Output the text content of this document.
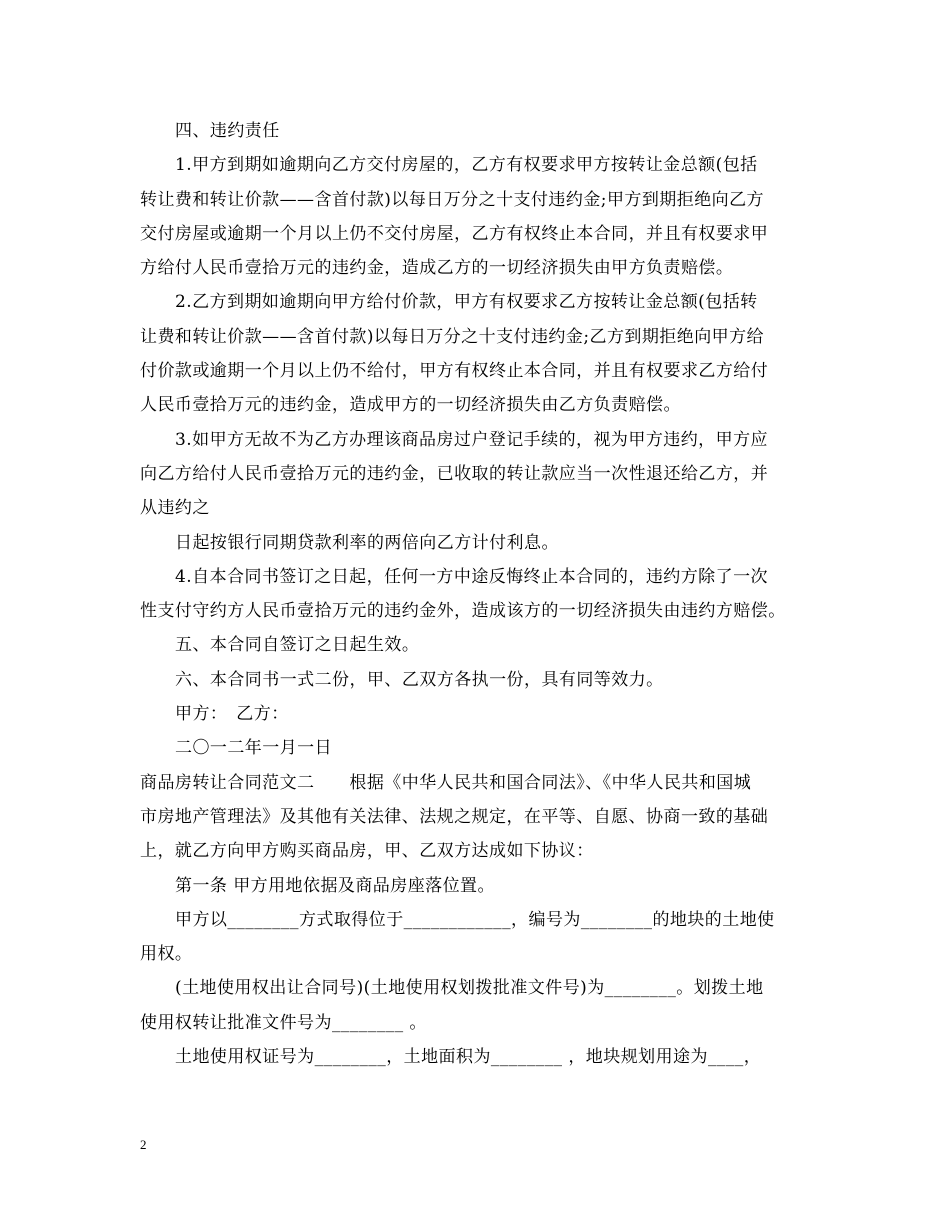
四、违约责任
1.甲方到期如逾期向乙方交付房屋的，乙方有权要求甲方按转让金总额(包括
转让费和转让价款——含首付款)以每日万分之十支付违约金;甲方到期拒绝向乙方
交付房屋或逾期一个月以上仍不交付房屋，乙方有权终止本合同，并且有权要求甲
方给付人民币壹拾万元的违约金，造成乙方的一切经济损失由甲方负责赔偿。
2.乙方到期如逾期向甲方给付价款，甲方有权要求乙方按转让金总额(包括转
让费和转让价款——含首付款)以每日万分之十支付违约金;乙方到期拒绝向甲方给
付价款或逾期一个月以上仍不给付，甲方有权终止本合同，并且有权要求乙方给付
人民币壹拾万元的违约金，造成甲方的一切经济损失由乙方负责赔偿。
3.如甲方无故不为乙方办理该商品房过户登记手续的，视为甲方违约，甲方应
向乙方给付人民币壹拾万元的违约金，已收取的转让款应当一次性退还给乙方，并
从违约之
日起按银行同期贷款利率的两倍向乙方计付利息。
4.自本合同书签订之日起，任何一方中途反悔终止本合同的，违约方除了一次
性支付守约方人民币壹拾万元的违约金外，造成该方的一切经济损失由违约方赔偿。
五、本合同自签订之日起生效。
六、本合同书一式二份，甲、乙双方各执一份，具有同等效力。
甲方：　乙方：
二〇一二年一月一日
商品房转让合同范文二　　根据《中华人民共和国合同法》、《中华人民共和国城
市房地产管理法》及其他有关法律、法规之规定，在平等、自愿、协商一致的基础
上，就乙方向甲方购买商品房，甲、乙双方达成如下协议：
第一条 甲方用地依据及商品房座落位置。
甲方以________方式取得位于____________，编号为________的地块的土地使
用权。
(土地使用权出让合同号)(土地使用权划拨批准文件号)为________。划拨土地
使用权转让批准文件号为________ 。
土地使用权证号为________，土地面积为________ ，地块规划用途为____，
2
